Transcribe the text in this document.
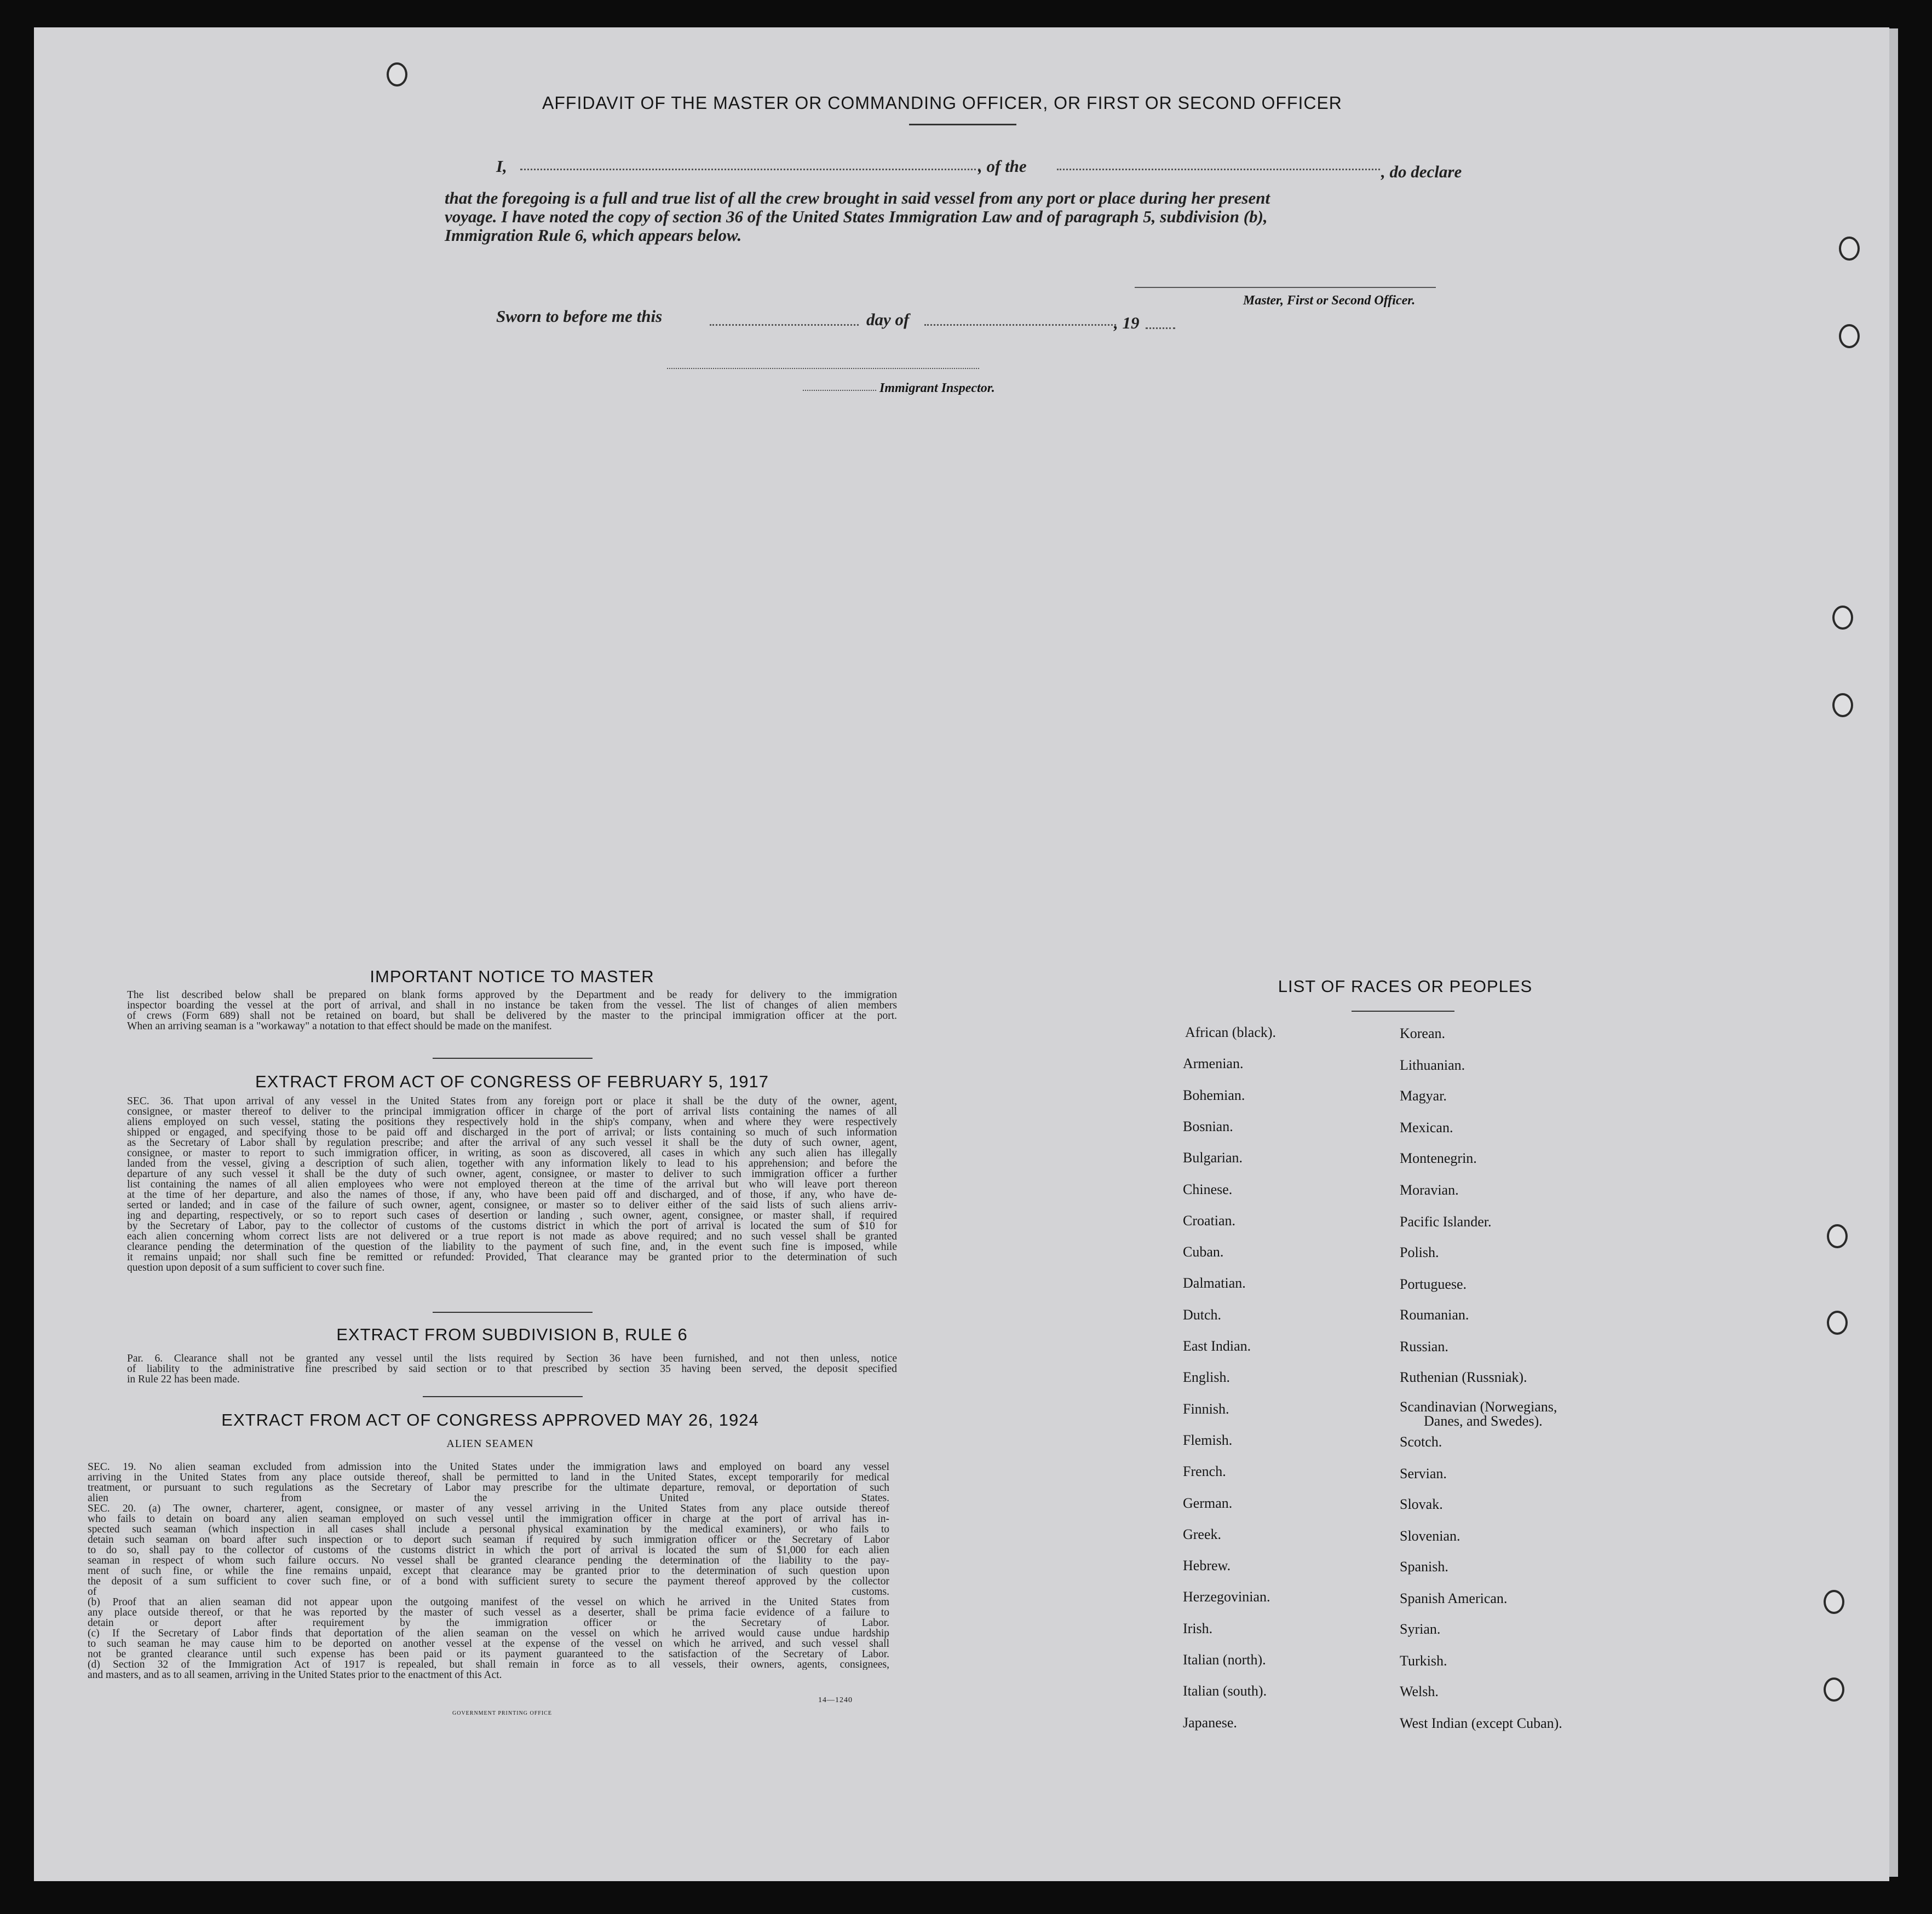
AFFIDAVIT OF THE MASTER OR COMMANDING OFFICER, OR FIRST OR SECOND OFFICER
I,	, of the	, do declare
that the foregoing is a full and true list of all the crew brought in said vessel from any port or place during her present
voyage. I have noted the copy of section 36 of the United States Immigration Law and of paragraph 5, subdivision (b),
Immigration Rule 6, which appears below.
Master, First or Second Officer.
Sworn to before me this	day of	, 19
Immigrant Inspector.
IMPORTANT NOTICE TO MASTER
The list described below shall be prepared on blank forms approved by the Department and be ready for delivery to the immigration
inspector boarding the vessel at the port of arrival, and shall in no instance be taken from the vessel. The list of changes of alien members
of crews (Form 689) shall not be retained on board, but shall be delivered by the master to the principal immigration officer at the port.
When an arriving seaman is a "workaway" a notation to that effect should be made on the manifest.
EXTRACT FROM ACT OF CONGRESS OF FEBRUARY 5, 1917
SEC. 36. That upon arrival of any vessel in the United States from any foreign port or place it shall be the duty of the owner, agent,
consignee, or master thereof to deliver to the principal immigration officer in charge of the port of arrival lists containing the names of all
aliens employed on such vessel, stating the positions they respectively hold in the ship's company, when and where they were respectively
shipped or engaged, and specifying those to be paid off and discharged in the port of arrival; or lists containing so much of such information
as the Secretary of Labor shall by regulation prescribe; and after the arrival of any such vessel it shall be the duty of such owner, agent,
consignee, or master to report to such immigration officer, in writing, as soon as discovered, all cases in which any such alien has illegally
landed from the vessel, giving a description of such alien, together with any information likely to lead to his apprehension; and before the
departure of any such vessel it shall be the duty of such owner, agent, consignee, or master to deliver to such immigration officer a further
list containing the names of all alien employees who were not employed thereon at the time of the arrival but who will leave port thereon
at the time of her departure, and also the names of those, if any, who have been paid off and discharged, and of those, if any, who have de-
serted or landed; and in case of the failure of such owner, agent, consignee, or master so to deliver either of the said lists of such aliens arriv-
ing and departing, respectively, or so to report such cases of desertion or landing , such owner, agent, consignee, or master shall, if required
by the Secretary of Labor, pay to the collector of customs of the customs district in which the port of arrival is located the sum of $10 for
each alien concerning whom correct lists are not delivered or a true report is not made as above required; and no such vessel shall be granted
clearance pending the determination of the question of the liability to the payment of such fine, and, in the event such fine is imposed, while
it remains unpaid; nor shall such fine be remitted or refunded: Provided, That clearance may be granted prior to the determination of such
question upon deposit of a sum sufficient to cover such fine.
EXTRACT FROM SUBDIVISION B, RULE 6
Par. 6. Clearance shall not be granted any vessel until the lists required by Section 36 have been furnished, and not then unless, notice
of liability to the administrative fine prescribed by said section or to that prescribed by section 35 having been served, the deposit specified
in Rule 22 has been made.
EXTRACT FROM ACT OF CONGRESS APPROVED MAY 26, 1924
ALIEN SEAMEN
SEC. 19. No alien seaman excluded from admission into the United States under the immigration laws and employed on board any vessel
arriving in the United States from any place outside thereof, shall be permitted to land in the United States, except temporarily for medical
treatment, or pursuant to such regulations as the Secretary of Labor may prescribe for the ultimate departure, removal, or deportation of such
alien from the United States.
SEC. 20. (a) The owner, charterer, agent, consignee, or master of any vessel arriving in the United States from any place outside thereof
who fails to detain on board any alien seaman employed on such vessel until the immigration officer in charge at the port of arrival has in-
spected such seaman (which inspection in all cases shall include a personal physical examination by the medical examiners), or who fails to
detain such seaman on board after such inspection or to deport such seaman if required by such immigration officer or the Secretary of Labor
to do so, shall pay to the collector of customs of the customs district in which the port of arrival is located the sum of $1,000 for each alien
seaman in respect of whom such failure occurs. No vessel shall be granted clearance pending the determination of the liability to the pay-
ment of such fine, or while the fine remains unpaid, except that clearance may be granted prior to the determination of such question upon
the deposit of a sum sufficient to cover such fine, or of a bond with sufficient surety to secure the payment thereof approved by the collector
of customs.
(b) Proof that an alien seaman did not appear upon the outgoing manifest of the vessel on which he arrived in the United States from
any place outside thereof, or that he was reported by the master of such vessel as a deserter, shall be prima facie evidence of a failure to
detain or deport after requirement by the immigration officer or the Secretary of Labor.
(c) If the Secretary of Labor finds that deportation of the alien seaman on the vessel on which he arrived would cause undue hardship
to such seaman he may cause him to be deported on another vessel at the expense of the vessel on which he arrived, and such vessel shall
not be granted clearance until such expense has been paid or its payment guaranteed to the satisfaction of the Secretary of Labor.
(d) Section 32 of the Immigration Act of 1917 is repealed, but shall remain in force as to all vessels, their owners, agents, consignees,
and masters, and as to all seamen, arriving in the United States prior to the enactment of this Act.
GOVERNMENT PRINTING OFFICE
14—1240
LIST OF RACES OR PEOPLES
African (black).
Armenian.
Bohemian.
Bosnian.
Bulgarian.
Chinese.
Croatian.
Cuban.
Dalmatian.
Dutch.
East Indian.
English.
Finnish.
Flemish.
French.
German.
Greek.
Hebrew.
Herzegovinian.
Irish.
Italian (north).
Italian (south).
Japanese.
Korean.
Lithuanian.
Magyar.
Mexican.
Montenegrin.
Moravian.
Pacific Islander.
Polish.
Portuguese.
Roumanian.
Russian.
Ruthenian (Russniak).
Scandinavian (Norwegians,
Danes, and Swedes).
Scotch.
Servian.
Slovak.
Slovenian.
Spanish.
Spanish American.
Syrian.
Turkish.
Welsh.
West Indian (except Cuban).
